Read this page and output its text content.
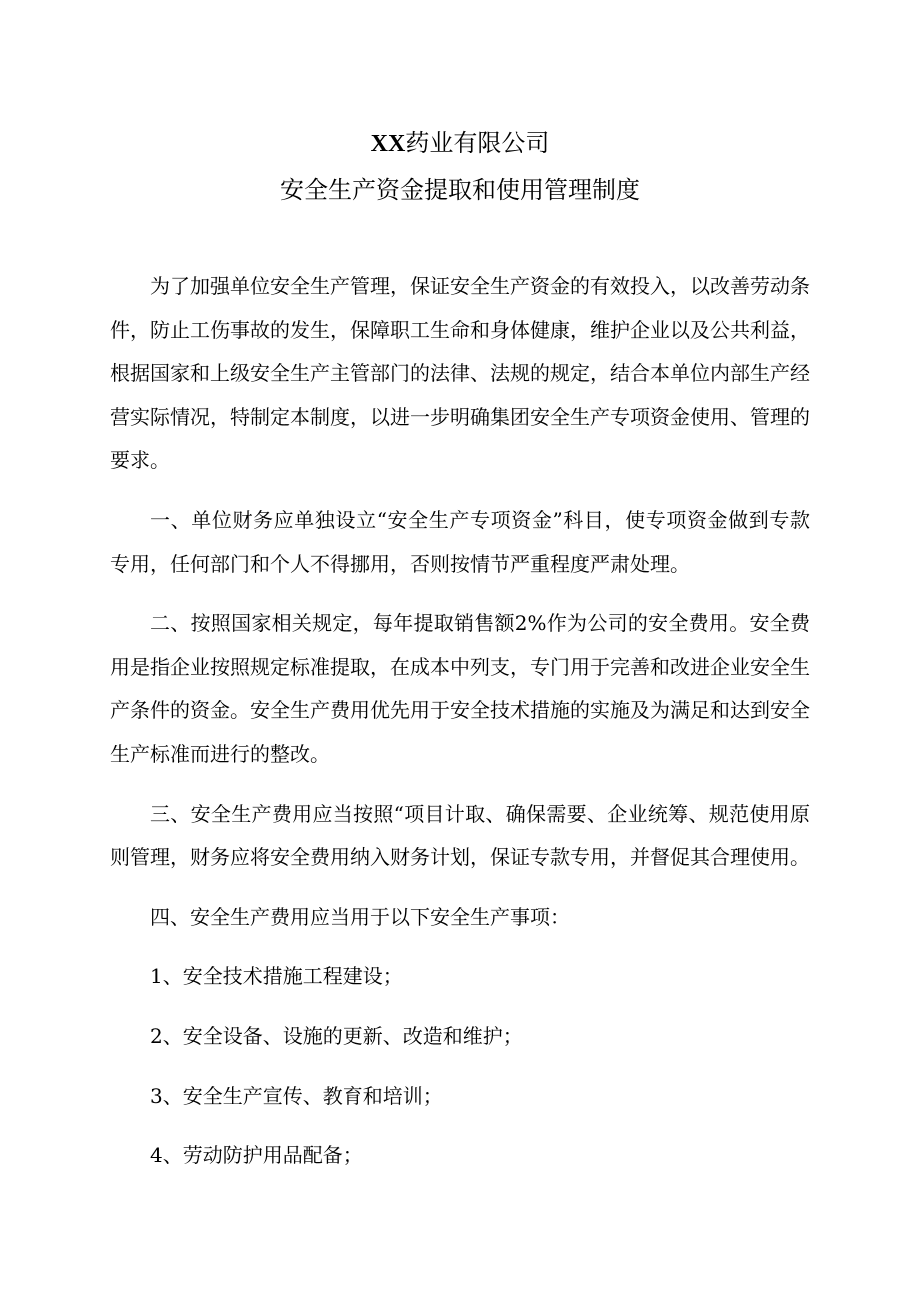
XX药业有限公司
安全生产资金提取和使用管理制度

为了加强单位安全生产管理，保证安全生产资金的有效投入，以改善劳动条件，防止工伤事故的发生，保障职工生命和身体健康，维护企业以及公共利益，根据国家和上级安全生产主管部门的法律、法规的规定，结合本单位内部生产经营实际情况，特制定本制度，以进一步明确集团安全生产专项资金使用、管理的要求。

一、单位财务应单独设立“安全生产专项资金”科目，使专项资金做到专款专用，任何部门和个人不得挪用，否则按情节严重程度严肃处理。

二、按照国家相关规定，每年提取销售额2%作为公司的安全费用。安全费用是指企业按照规定标准提取，在成本中列支，专门用于完善和改进企业安全生产条件的资金。安全生产费用优先用于安全技术措施的实施及为满足和达到安全生产标准而进行的整改。

三、安全生产费用应当按照“项目计取、确保需要、企业统筹、规范使用原则管理，财务应将安全费用纳入财务计划，保证专款专用，并督促其合理使用。

四、安全生产费用应当用于以下安全生产事项：

1、安全技术措施工程建设；

2、安全设备、设施的更新、改造和维护；

3、安全生产宣传、教育和培训；

4、劳动防护用品配备；
